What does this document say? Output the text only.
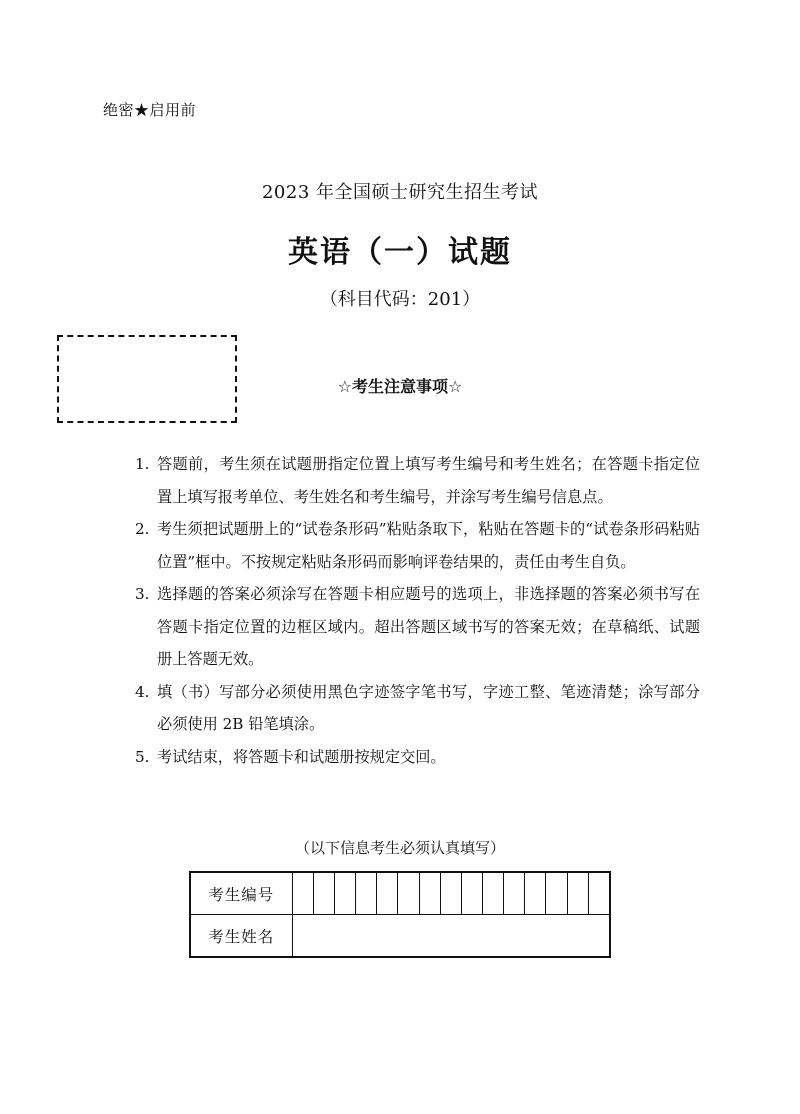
绝密★启用前
2023 年全国硕士研究生招生考试
英语（一）试题
（科目代码：201）
☆考生注意事项☆
1. 答题前，考生须在试题册指定位置上填写考生编号和考生姓名；在答题卡指定位置上填写报考单位、考生姓名和考生编号，并涂写考生编号信息点。
2. 考生须把试题册上的“试卷条形码”粘贴条取下，粘贴在答题卡的“试卷条形码粘贴位置”框中。不按规定粘贴条形码而影响评卷结果的，责任由考生自负。
3. 选择题的答案必须涂写在答题卡相应题号的选项上，非选择题的答案必须书写在答题卡指定位置的边框区域内。超出答题区域书写的答案无效；在草稿纸、试题册上答题无效。
4. 填（书）写部分必须使用黑色字迹签字笔书写，字迹工整、笔迹清楚；涂写部分必须使用 2B 铅笔填涂。
5. 考试结束，将答题卡和试题册按规定交回。
（以下信息考生必须认真填写）
考生编号															
考生姓名															
